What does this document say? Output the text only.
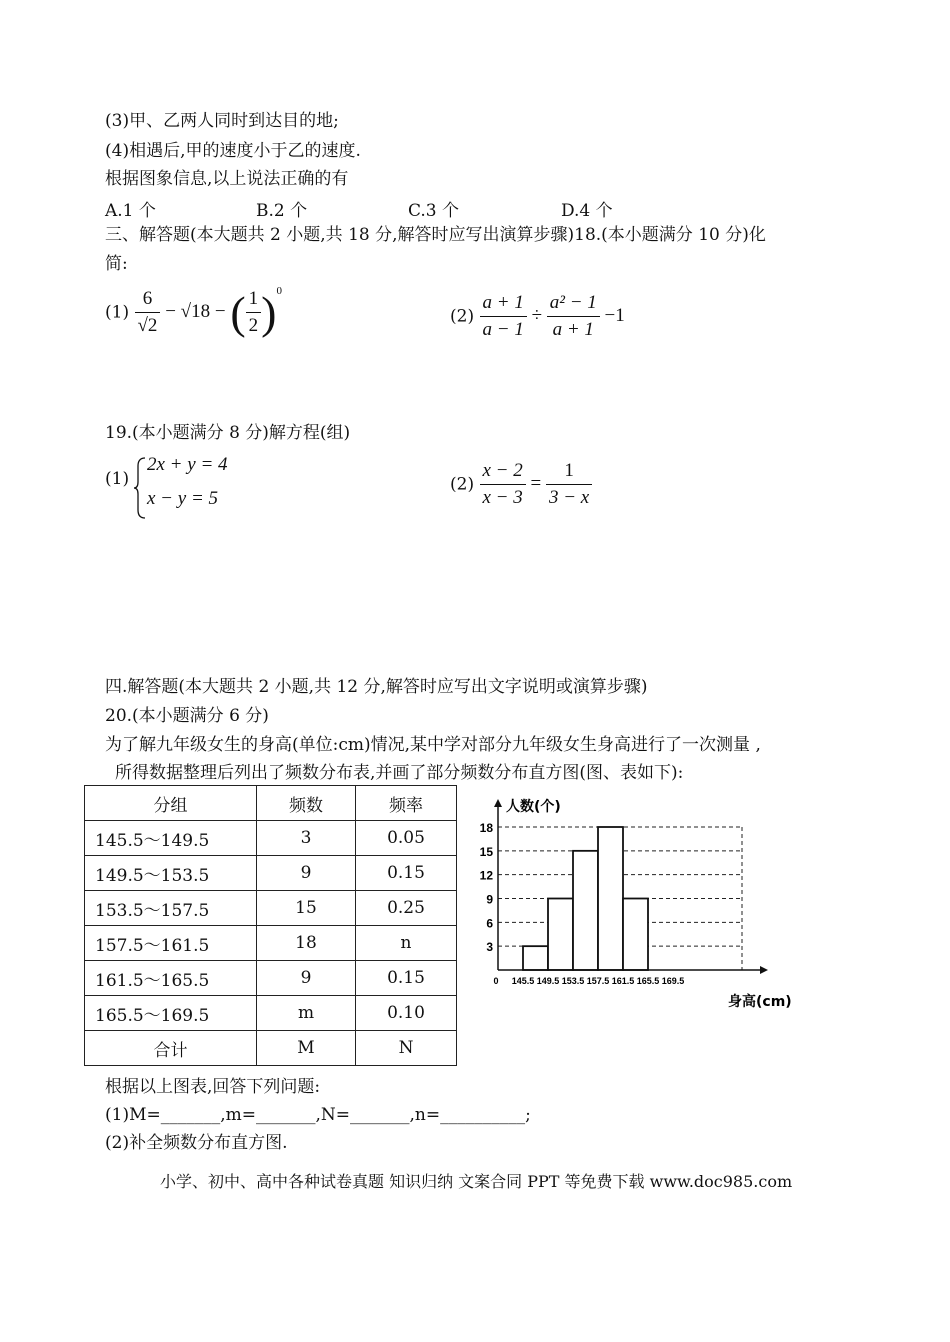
(3)甲、乙两人同时到达目的地;
(4)相遇后,甲的速度小于乙的速度.
根据图象信息,以上说法正确的有
A.1 个	B.2 个	C.3 个	D.4 个
三、解答题(本大题共 2 小题,共 18 分,解答时应写出演算步骤)18.(本小题满分 10 分)化
简:
$(1) \frac{6}{√2} - √18$ − ( $\frac{1}{2} )^0$
$(2) \frac{a + 1}{a - 1} \div \frac{\text{a² − 1}}{a + 1} -1$
19.(本小题满分 8 分)解方程(组)
(1)
2x + y = 4
x − y = 5
$(2) \frac{x - 2}{x - 3} = \frac{1}{3 - x}$
四.解答题(本大题共 2 小题,共 12 分,解答时应写出文字说明或演算步骤)
20.(本小题满分 6 分)
为了解九年级女生的身高(单位:cm)情况,某中学对部分九年级女生身高进行了一次测量 ,
所得数据整理后列出了频数分布表,并画了部分频数分布直方图(图、表如下):
分组	频数	频率

145.5～149.5	3	0.05

149.5～153.5	9	0.15

153.5～157.5	15	0.25

157.5～161.5	18	n

161.5～165.5	9	0.15

165.5～169.5	m	0.10

合计	M	N
3
6
9
12
15
18
0 145.5 149.5 153.5 157.5 161.5 165.5 169.5
人数(个)
身高(cm)
根据以上图表,回答下列问题:
(1)M=_______,m=_______,N=_______,n=__________;
(2)补全频数分布直方图.
小学、初中、高中各种试卷真题 知识归纳 文案合同 PPT 等免费下载 www.doc985.com
